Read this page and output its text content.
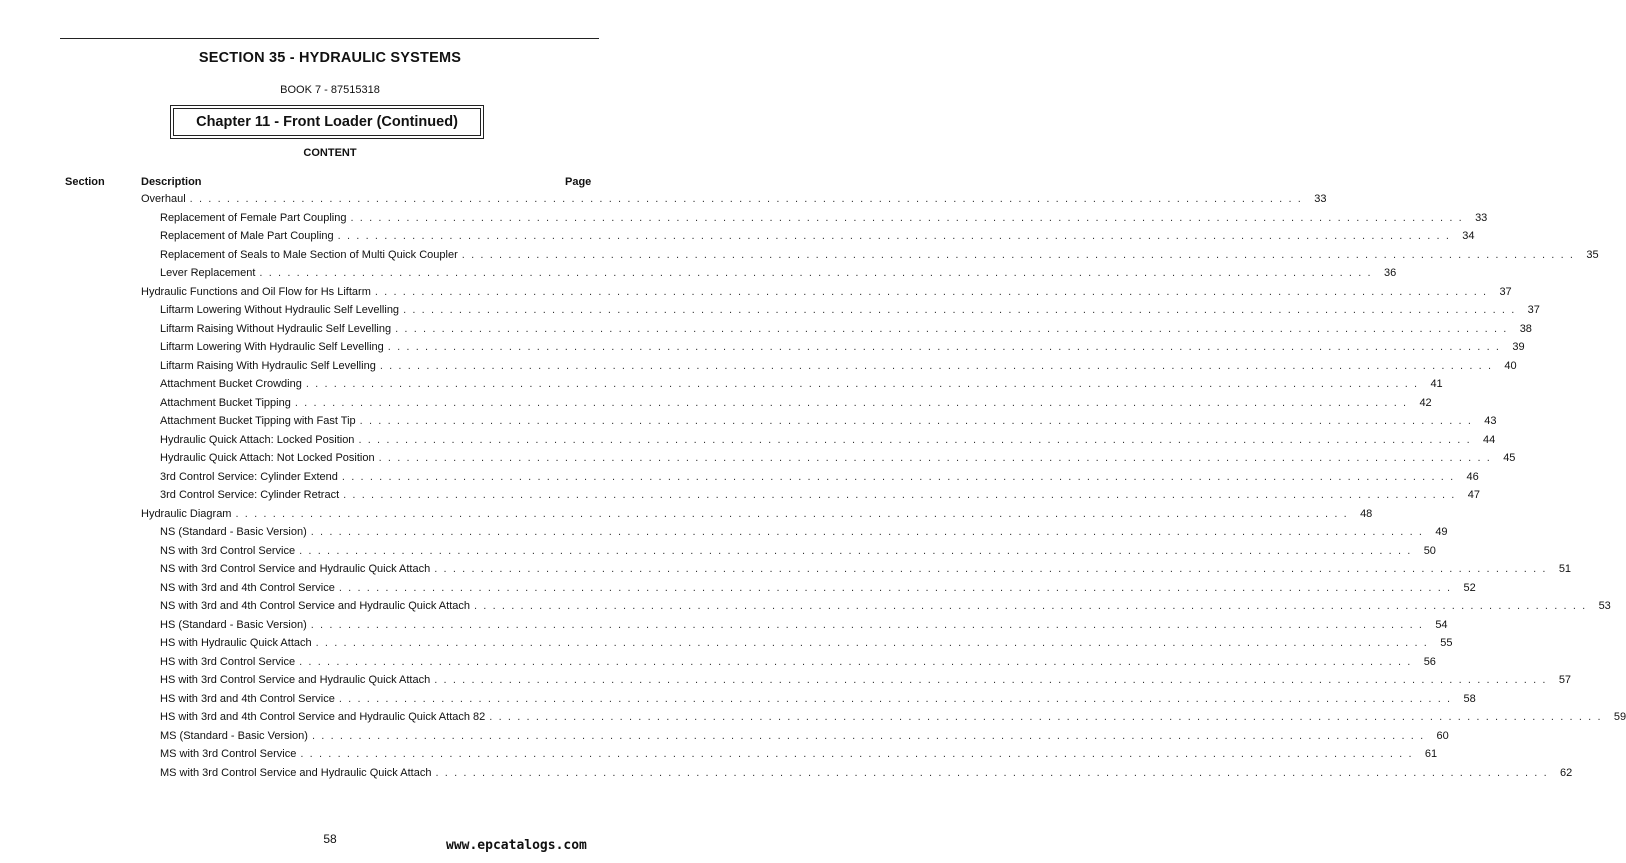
SECTION 35 - HYDRAULIC SYSTEMS
BOOK 7 - 87515318
Chapter 11 - Front Loader (Continued)
CONTENT
Section	Description	Page
Overhaul . . . . . . . . . . . . . . . . . . . . . . . . . . . . . . . . . . . . . . . . . . . . . . . . . . . . . . . . . . . . . . . . . . . . . . . . . . . . . . . . . . . . . . . . . . . . . . . . . . . . . . . . . . . . . . . . . . . . . . . .	33
Replacement of Female Part Coupling . . . . . . . . . . . . . . . . . . . . . . . . . . . . . . . . . . . . . . . . . . . . . . . . . . . . . . . . . . . . . . . . . . . . . . . . . . . . . . . . . . . . . . . . . . . . . . . . . . . . . . . . . . . . . . . . . . . . . . . .	33
Replacement of Male Part Coupling . . . . . . . . . . . . . . . . . . . . . . . . . . . . . . . . . . . . . . . . . . . . . . . . . . . . . . . . . . . . . . . . . . . . . . . . . . . . . . . . . . . . . . . . . . . . . . . . . . . . . . . . . . . . . . . . . . . . . . . .	34
Replacement of Seals to Male Section of Multi Quick Coupler . . . . . . . . . . . . . . . . . . . . . . . . . . . . . . . . . . . . . . . . . . . . . . . . . . . . . . . . . . . . . . . . . . . . . . . . . . . . . . . . . . . . . . . . . . . . . . . . . . . . . . . . . . . . . . . . . . . . . . . .	35
Lever Replacement . . . . . . . . . . . . . . . . . . . . . . . . . . . . . . . . . . . . . . . . . . . . . . . . . . . . . . . . . . . . . . . . . . . . . . . . . . . . . . . . . . . . . . . . . . . . . . . . . . . . . . . . . . . . . . . . . . . . . . . .	36
Hydraulic Functions and Oil Flow for Hs Liftarm . . . . . . . . . . . . . . . . . . . . . . . . . . . . . . . . . . . . . . . . . . . . . . . . . . . . . . . . . . . . . . . . . . . . . . . . . . . . . . . . . . . . . . . . . . . . . . . . . . . . . . . . . . . . . . . . . . . . . . . .	37
Liftarm Lowering Without Hydraulic Self Levelling . . . . . . . . . . . . . . . . . . . . . . . . . . . . . . . . . . . . . . . . . . . . . . . . . . . . . . . . . . . . . . . . . . . . . . . . . . . . . . . . . . . . . . . . . . . . . . . . . . . . . . . . . . . . . . . . . . . . . . . .	37
Liftarm Raising Without Hydraulic Self Levelling . . . . . . . . . . . . . . . . . . . . . . . . . . . . . . . . . . . . . . . . . . . . . . . . . . . . . . . . . . . . . . . . . . . . . . . . . . . . . . . . . . . . . . . . . . . . . . . . . . . . . . . . . . . . . . . . . . . . . . . .	38
Liftarm Lowering With Hydraulic Self Levelling . . . . . . . . . . . . . . . . . . . . . . . . . . . . . . . . . . . . . . . . . . . . . . . . . . . . . . . . . . . . . . . . . . . . . . . . . . . . . . . . . . . . . . . . . . . . . . . . . . . . . . . . . . . . . . . . . . . . . . . .	39
Liftarm Raising With Hydraulic Self Levelling . . . . . . . . . . . . . . . . . . . . . . . . . . . . . . . . . . . . . . . . . . . . . . . . . . . . . . . . . . . . . . . . . . . . . . . . . . . . . . . . . . . . . . . . . . . . . . . . . . . . . . . . . . . . . . . . . . . . . . . .	40
Attachment Bucket Crowding . . . . . . . . . . . . . . . . . . . . . . . . . . . . . . . . . . . . . . . . . . . . . . . . . . . . . . . . . . . . . . . . . . . . . . . . . . . . . . . . . . . . . . . . . . . . . . . . . . . . . . . . . . . . . . . . . . . . . . . .	41
Attachment Bucket Tipping . . . . . . . . . . . . . . . . . . . . . . . . . . . . . . . . . . . . . . . . . . . . . . . . . . . . . . . . . . . . . . . . . . . . . . . . . . . . . . . . . . . . . . . . . . . . . . . . . . . . . . . . . . . . . . . . . . . . . . . .	42
Attachment Bucket Tipping with Fast Tip . . . . . . . . . . . . . . . . . . . . . . . . . . . . . . . . . . . . . . . . . . . . . . . . . . . . . . . . . . . . . . . . . . . . . . . . . . . . . . . . . . . . . . . . . . . . . . . . . . . . . . . . . . . . . . . . . . . . . . . .	43
Hydraulic Quick Attach: Locked Position . . . . . . . . . . . . . . . . . . . . . . . . . . . . . . . . . . . . . . . . . . . . . . . . . . . . . . . . . . . . . . . . . . . . . . . . . . . . . . . . . . . . . . . . . . . . . . . . . . . . . . . . . . . . . . . . . . . . . . . .	44
Hydraulic Quick Attach: Not Locked Position . . . . . . . . . . . . . . . . . . . . . . . . . . . . . . . . . . . . . . . . . . . . . . . . . . . . . . . . . . . . . . . . . . . . . . . . . . . . . . . . . . . . . . . . . . . . . . . . . . . . . . . . . . . . . . . . . . . . . . . .	45
3rd Control Service: Cylinder Extend . . . . . . . . . . . . . . . . . . . . . . . . . . . . . . . . . . . . . . . . . . . . . . . . . . . . . . . . . . . . . . . . . . . . . . . . . . . . . . . . . . . . . . . . . . . . . . . . . . . . . . . . . . . . . . . . . . . . . . . .	46
3rd Control Service: Cylinder Retract . . . . . . . . . . . . . . . . . . . . . . . . . . . . . . . . . . . . . . . . . . . . . . . . . . . . . . . . . . . . . . . . . . . . . . . . . . . . . . . . . . . . . . . . . . . . . . . . . . . . . . . . . . . . . . . . . . . . . . . .	47
Hydraulic Diagram . . . . . . . . . . . . . . . . . . . . . . . . . . . . . . . . . . . . . . . . . . . . . . . . . . . . . . . . . . . . . . . . . . . . . . . . . . . . . . . . . . . . . . . . . . . . . . . . . . . . . . . . . . . . . . . . . . . . . . . .	48
NS (Standard - Basic Version) . . . . . . . . . . . . . . . . . . . . . . . . . . . . . . . . . . . . . . . . . . . . . . . . . . . . . . . . . . . . . . . . . . . . . . . . . . . . . . . . . . . . . . . . . . . . . . . . . . . . . . . . . . . . . . . . . . . . . . . .	49
NS with 3rd Control Service . . . . . . . . . . . . . . . . . . . . . . . . . . . . . . . . . . . . . . . . . . . . . . . . . . . . . . . . . . . . . . . . . . . . . . . . . . . . . . . . . . . . . . . . . . . . . . . . . . . . . . . . . . . . . . . . . . . . . . . .	50
NS with 3rd Control Service and Hydraulic Quick Attach . . . . . . . . . . . . . . . . . . . . . . . . . . . . . . . . . . . . . . . . . . . . . . . . . . . . . . . . . . . . . . . . . . . . . . . . . . . . . . . . . . . . . . . . . . . . . . . . . . . . . . . . . . . . . . . . . . . . . . . .	51
NS with 3rd and 4th Control Service . . . . . . . . . . . . . . . . . . . . . . . . . . . . . . . . . . . . . . . . . . . . . . . . . . . . . . . . . . . . . . . . . . . . . . . . . . . . . . . . . . . . . . . . . . . . . . . . . . . . . . . . . . . . . . . . . . . . . . . .	52
NS with 3rd and 4th Control Service and Hydraulic Quick Attach . . . . . . . . . . . . . . . . . . . . . . . . . . . . . . . . . . . . . . . . . . . . . . . . . . . . . . . . . . . . . . . . . . . . . . . . . . . . . . . . . . . . . . . . . . . . . . . . . . . . . . . . . . . . . . . . . . . . . . . .	53
HS (Standard - Basic Version) . . . . . . . . . . . . . . . . . . . . . . . . . . . . . . . . . . . . . . . . . . . . . . . . . . . . . . . . . . . . . . . . . . . . . . . . . . . . . . . . . . . . . . . . . . . . . . . . . . . . . . . . . . . . . . . . . . . . . . . .	54
HS with Hydraulic Quick Attach . . . . . . . . . . . . . . . . . . . . . . . . . . . . . . . . . . . . . . . . . . . . . . . . . . . . . . . . . . . . . . . . . . . . . . . . . . . . . . . . . . . . . . . . . . . . . . . . . . . . . . . . . . . . . . . . . . . . . . . .	55
HS with 3rd Control Service . . . . . . . . . . . . . . . . . . . . . . . . . . . . . . . . . . . . . . . . . . . . . . . . . . . . . . . . . . . . . . . . . . . . . . . . . . . . . . . . . . . . . . . . . . . . . . . . . . . . . . . . . . . . . . . . . . . . . . . .	56
HS with 3rd Control Service and Hydraulic Quick Attach . . . . . . . . . . . . . . . . . . . . . . . . . . . . . . . . . . . . . . . . . . . . . . . . . . . . . . . . . . . . . . . . . . . . . . . . . . . . . . . . . . . . . . . . . . . . . . . . . . . . . . . . . . . . . . . . . . . . . . . .	57
HS with 3rd and 4th Control Service . . . . . . . . . . . . . . . . . . . . . . . . . . . . . . . . . . . . . . . . . . . . . . . . . . . . . . . . . . . . . . . . . . . . . . . . . . . . . . . . . . . . . . . . . . . . . . . . . . . . . . . . . . . . . . . . . . . . . . . .	58
HS with 3rd and 4th Control Service and Hydraulic Quick Attach 82 . . . . . . . . . . . . . . . . . . . . . . . . . . . . . . . . . . . . . . . . . . . . . . . . . . . . . . . . . . . . . . . . . . . . . . . . . . . . . . . . . . . . . . . . . . . . . . . . . . . . . . . . . . . . . . . . . . . . . . . .	59
MS (Standard - Basic Version) . . . . . . . . . . . . . . . . . . . . . . . . . . . . . . . . . . . . . . . . . . . . . . . . . . . . . . . . . . . . . . . . . . . . . . . . . . . . . . . . . . . . . . . . . . . . . . . . . . . . . . . . . . . . . . . . . . . . . . . .	60
MS with 3rd Control Service . . . . . . . . . . . . . . . . . . . . . . . . . . . . . . . . . . . . . . . . . . . . . . . . . . . . . . . . . . . . . . . . . . . . . . . . . . . . . . . . . . . . . . . . . . . . . . . . . . . . . . . . . . . . . . . . . . . . . . . .	61
MS with 3rd Control Service and Hydraulic Quick Attach . . . . . . . . . . . . . . . . . . . . . . . . . . . . . . . . . . . . . . . . . . . . . . . . . . . . . . . . . . . . . . . . . . . . . . . . . . . . . . . . . . . . . . . . . . . . . . . . . . . . . . . . . . . . . . . . . . . . . . . .	62
58	www.epcatalogs.com
